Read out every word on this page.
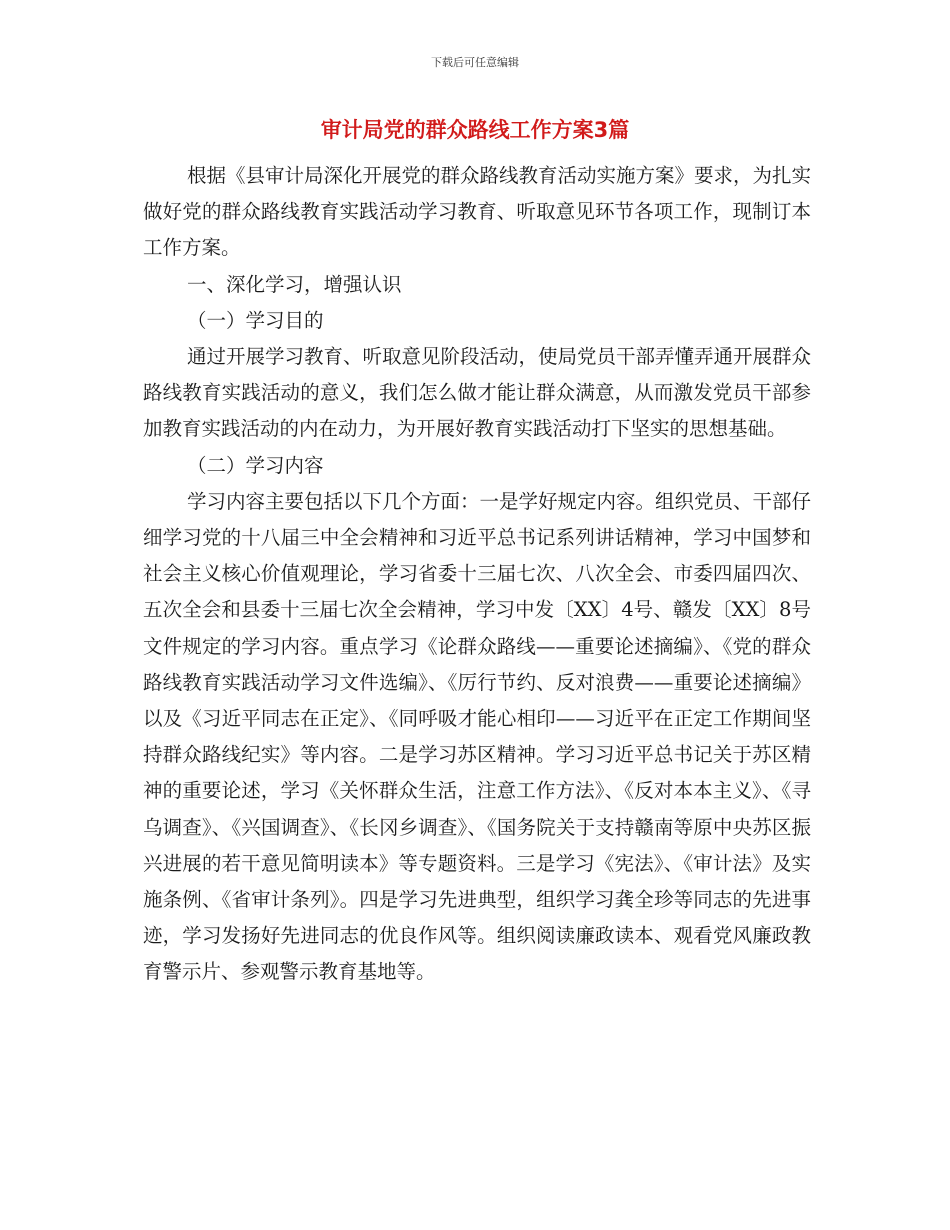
下载后可任意编辑
审计局党的群众路线工作方案3篇

根据《县审计局深化开展党的群众路线教育活动实施方案》要求，为扎实做好党的群众路线教育实践活动学习教育、听取意见环节各项工作，现制订本工作方案。

一、深化学习，增强认识

（一）学习目的

通过开展学习教育、听取意见阶段活动，使局党员干部弄懂弄通开展群众路线教育实践活动的意义，我们怎么做才能让群众满意，从而激发党员干部参加教育实践活动的内在动力，为开展好教育实践活动打下坚实的思想基础。

（二）学习内容

学习内容主要包括以下几个方面：一是学好规定内容。组织党员、干部仔细学习党的十八届三中全会精神和习近平总书记系列讲话精神，学习中国梦和社会主义核心价值观理论，学习省委十三届七次、八次全会、市委四届四次、五次全会和县委十三届七次全会精神，学习中发〔XX〕4号、赣发〔XX〕8号文件规定的学习内容。重点学习《论群众路线——重要论述摘编》、《党的群众路线教育实践活动学习文件选编》、《厉行节约、反对浪费——重要论述摘编》以及《习近平同志在正定》、《同呼吸才能心相印——习近平在正定工作期间坚持群众路线纪实》等内容。二是学习苏区精神。学习习近平总书记关于苏区精神的重要论述，学习《关怀群众生活，注意工作方法》、《反对本本主义》、《寻乌调查》、《兴国调查》、《长冈乡调查》、《国务院关于支持赣南等原中央苏区振兴进展的若干意见简明读本》等专题资料。三是学习《宪法》、《审计法》及实施条例、《省审计条列》。四是学习先进典型，组织学习龚全珍等同志的先进事迹，学习发扬好先进同志的优良作风等。组织阅读廉政读本、观看党风廉政教育警示片、参观警示教育基地等。
